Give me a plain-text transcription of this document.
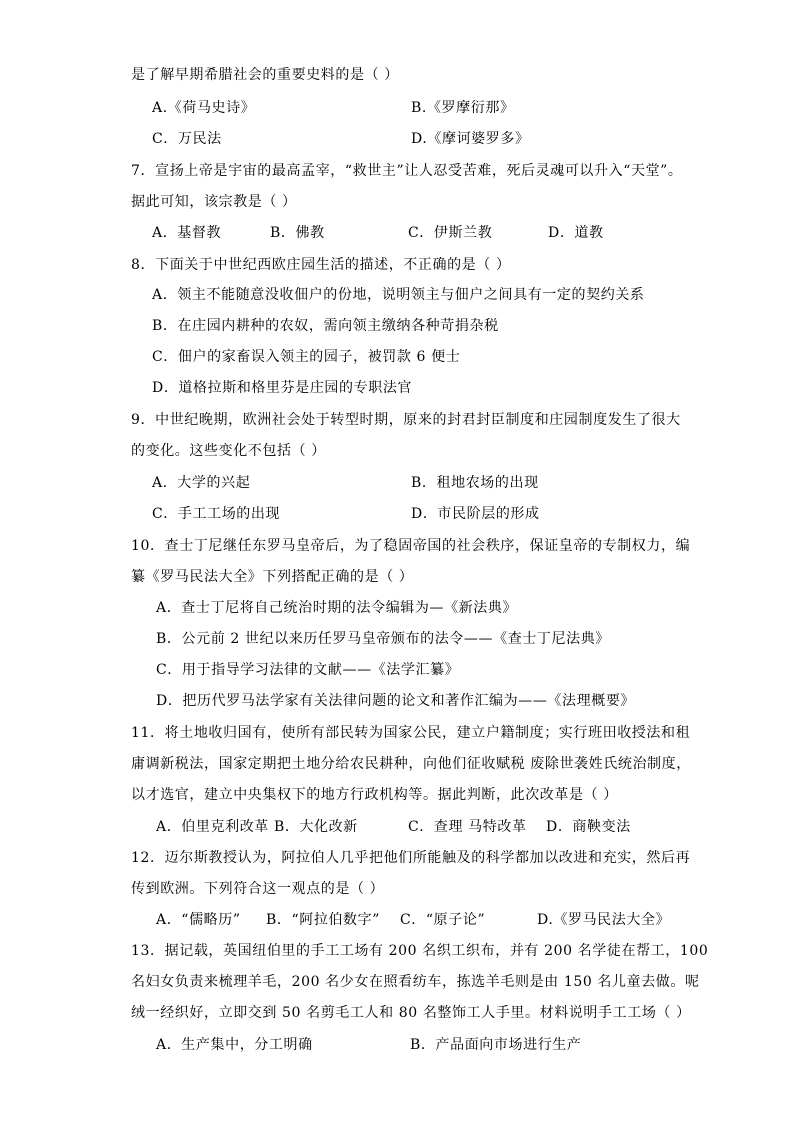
是了解早期希腊社会的重要史料的是（ ）
A.《荷马史诗》	B.《罗摩衍那》
C．万民法	D.《摩诃婆罗多》
7．宣扬上帝是宇宙的最高孟宰，“救世主”让人忍受苦难，死后灵魂可以升入“天堂”。
据此可知，该宗教是（ ）
A．基督教	B．佛教	C．伊斯兰教	D．道教
8．下面关于中世纪西欧庄园生活的描述，不正确的是（ ）
A．领主不能随意没收佃户的份地，说明领主与佃户之间具有一定的契约关系
B．在庄园内耕种的农奴，需向领主缴纳各种苛捐杂税
C．佃户的家畜误入领主的园子，被罚款 6 便士
D．道格拉斯和格里芬是庄园的专职法官
9．中世纪晚期，欧洲社会处于转型时期，原来的封君封臣制度和庄园制度发生了很大
的变化。这些变化不包括（ ）
A．大学的兴起	B．租地农场的出现
C．手工工场的出现	D．市民阶层的形成
10．查士丁尼继任东罗马皇帝后，为了稳固帝国的社会秩序，保证皇帝的专制权力，编
纂《罗马民法大全》下列搭配正确的是（ ）
A．查士丁尼将自己统治时期的法令编辑为—《新法典》
B．公元前 2 世纪以来历任罗马皇帝颁布的法令——《查士丁尼法典》
C．用于指导学习法律的文献——《法学汇纂》
D．把历代罗马法学家有关法律问题的论文和著作汇编为——《法理概要》
11．将土地收归国有，使所有部民转为国家公民，建立户籍制度；实行班田收授法和租
庸调新税法，国家定期把土地分给农民耕种，向他们征收赋税 废除世袭姓氏统治制度，
以才选官，建立中央集权下的地方行政机构等。据此判断，此次改革是（ ）
A．伯里克利改革 B．大化改新	C．查理 马特改革 D．商鞅变法
12．迈尔斯教授认为，阿拉伯人几乎把他们所能触及的科学都加以改进和充实，然后再
传到欧洲。下列符合这一观点的是（ ）
A．“儒略历” B．“阿拉伯数字” C．“原子论”	D.《罗马民法大全》
13．据记载，英国纽伯里的手工工场有 200 名织工织布，并有 200 名学徒在帮工，100
名妇女负责来梳理羊毛，200 名少女在照看纺车，拣选羊毛则是由 150 名儿童去做。呢
绒一经织好，立即交到 50 名剪毛工人和 80 名整饰工人手里。材料说明手工工场（ ）
A．生产集中，分工明确	B．产品面向市场进行生产
